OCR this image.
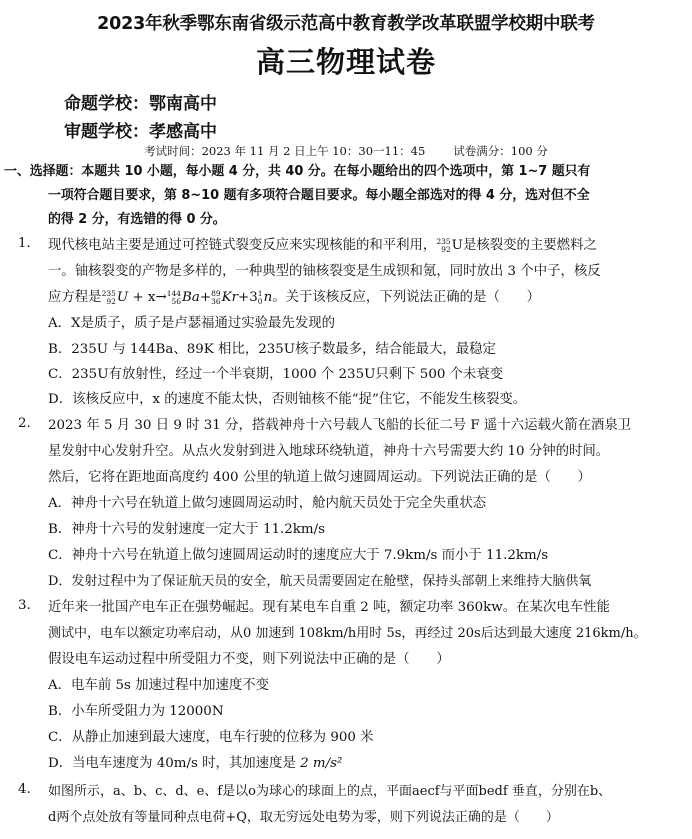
2023年秋季鄂东南省级示范高中教育教学改革联盟学校期中联考
高三物理试卷
命题学校：鄂南高中
审题学校：孝感高中
考试时间：2023 年 11 月 2 日上午 10：30一11：45 试卷满分：100 分
一、选择题：本题共 10 小题，每小题 4 分，共 40 分。在每小题给出的四个选项中，第 1~7 题只有
一项符合题目要求，第 8~10 题有多项符合题目要求。每小题全部选对的得 4 分，选对但不全
的得 2 分，有选错的得 0 分。
1. 现代核电站主要是通过可控链式裂变反应来实现核能的和平利用， 235
92 U是核裂变的主要燃料之
一。铀核裂变的产物是多样的，一种典型的铀核裂变是生成钡和氪，同时放出 3 个中子，核反
应方程是 235
92 U + x→ 144
56 Ba+ 89
36 Kr+3 1
0 n。关于该核反应，下列说法正确的是（　　）
A．X是质子，质子是卢瑟福通过实验最先发现的
B．235U 与 144Ba、89K 相比，235U核子数最多，结合能最大，最稳定
C．235U有放射性，经过一个半衰期，1000 个 235U只剩下 500 个未衰变
D．该核反应中，x 的速度不能太快，否则铀核不能“捉”住它，不能发生核裂变。
2. 2023 年 5 月 30 日 9 时 31 分，搭载神舟十六号载人飞船的长征二号 F 遥十六运载火箭在酒泉卫
星发射中心发射升空。从点火发射到进入地球环绕轨道，神舟十六号需要大约 10 分钟的时间。
然后，它将在距地面高度约 400 公里的轨道上做匀速圆周运动。下列说法正确的是（　　）
A．神舟十六号在轨道上做匀速圆周运动时，舱内航天员处于完全失重状态
B．神舟十六号的发射速度一定大于 11.2km/s
C．神舟十六号在轨道上做匀速圆周运动时的速度应大于 7.9km/s 而小于 11.2km/s
D．发射过程中为了保证航天员的安全，航天员需要固定在舱壁，保持头部朝上来维持大脑供氧
3. 近年来一批国产电车正在强势崛起。现有某电车自重 2 吨，额定功率 360kw。在某次电车性能
测试中，电车以额定功率启动，从0 加速到 108km/h用时 5s，再经过 20s后达到最大速度 216km/h。
假设电车运动过程中所受阻力不变，则下列说法中正确的是（　　）
A．电车前 5s 加速过程中加速度不变
B．小车所受阻力为 12000N
C．从静止加速到最大速度，电车行驶的位移为 900 米
D．当电车速度为 40m/s 时，其加速度是 2 m/s²
4. 如图所示，a、b、c、d、e、f是以o为球心的球面上的点，平面aecf与平面bedf 垂直，分别在b、
d两个点处放有等量同种点电荷+Q，取无穷远处电势为零，则下列说法正确的是（　　）
